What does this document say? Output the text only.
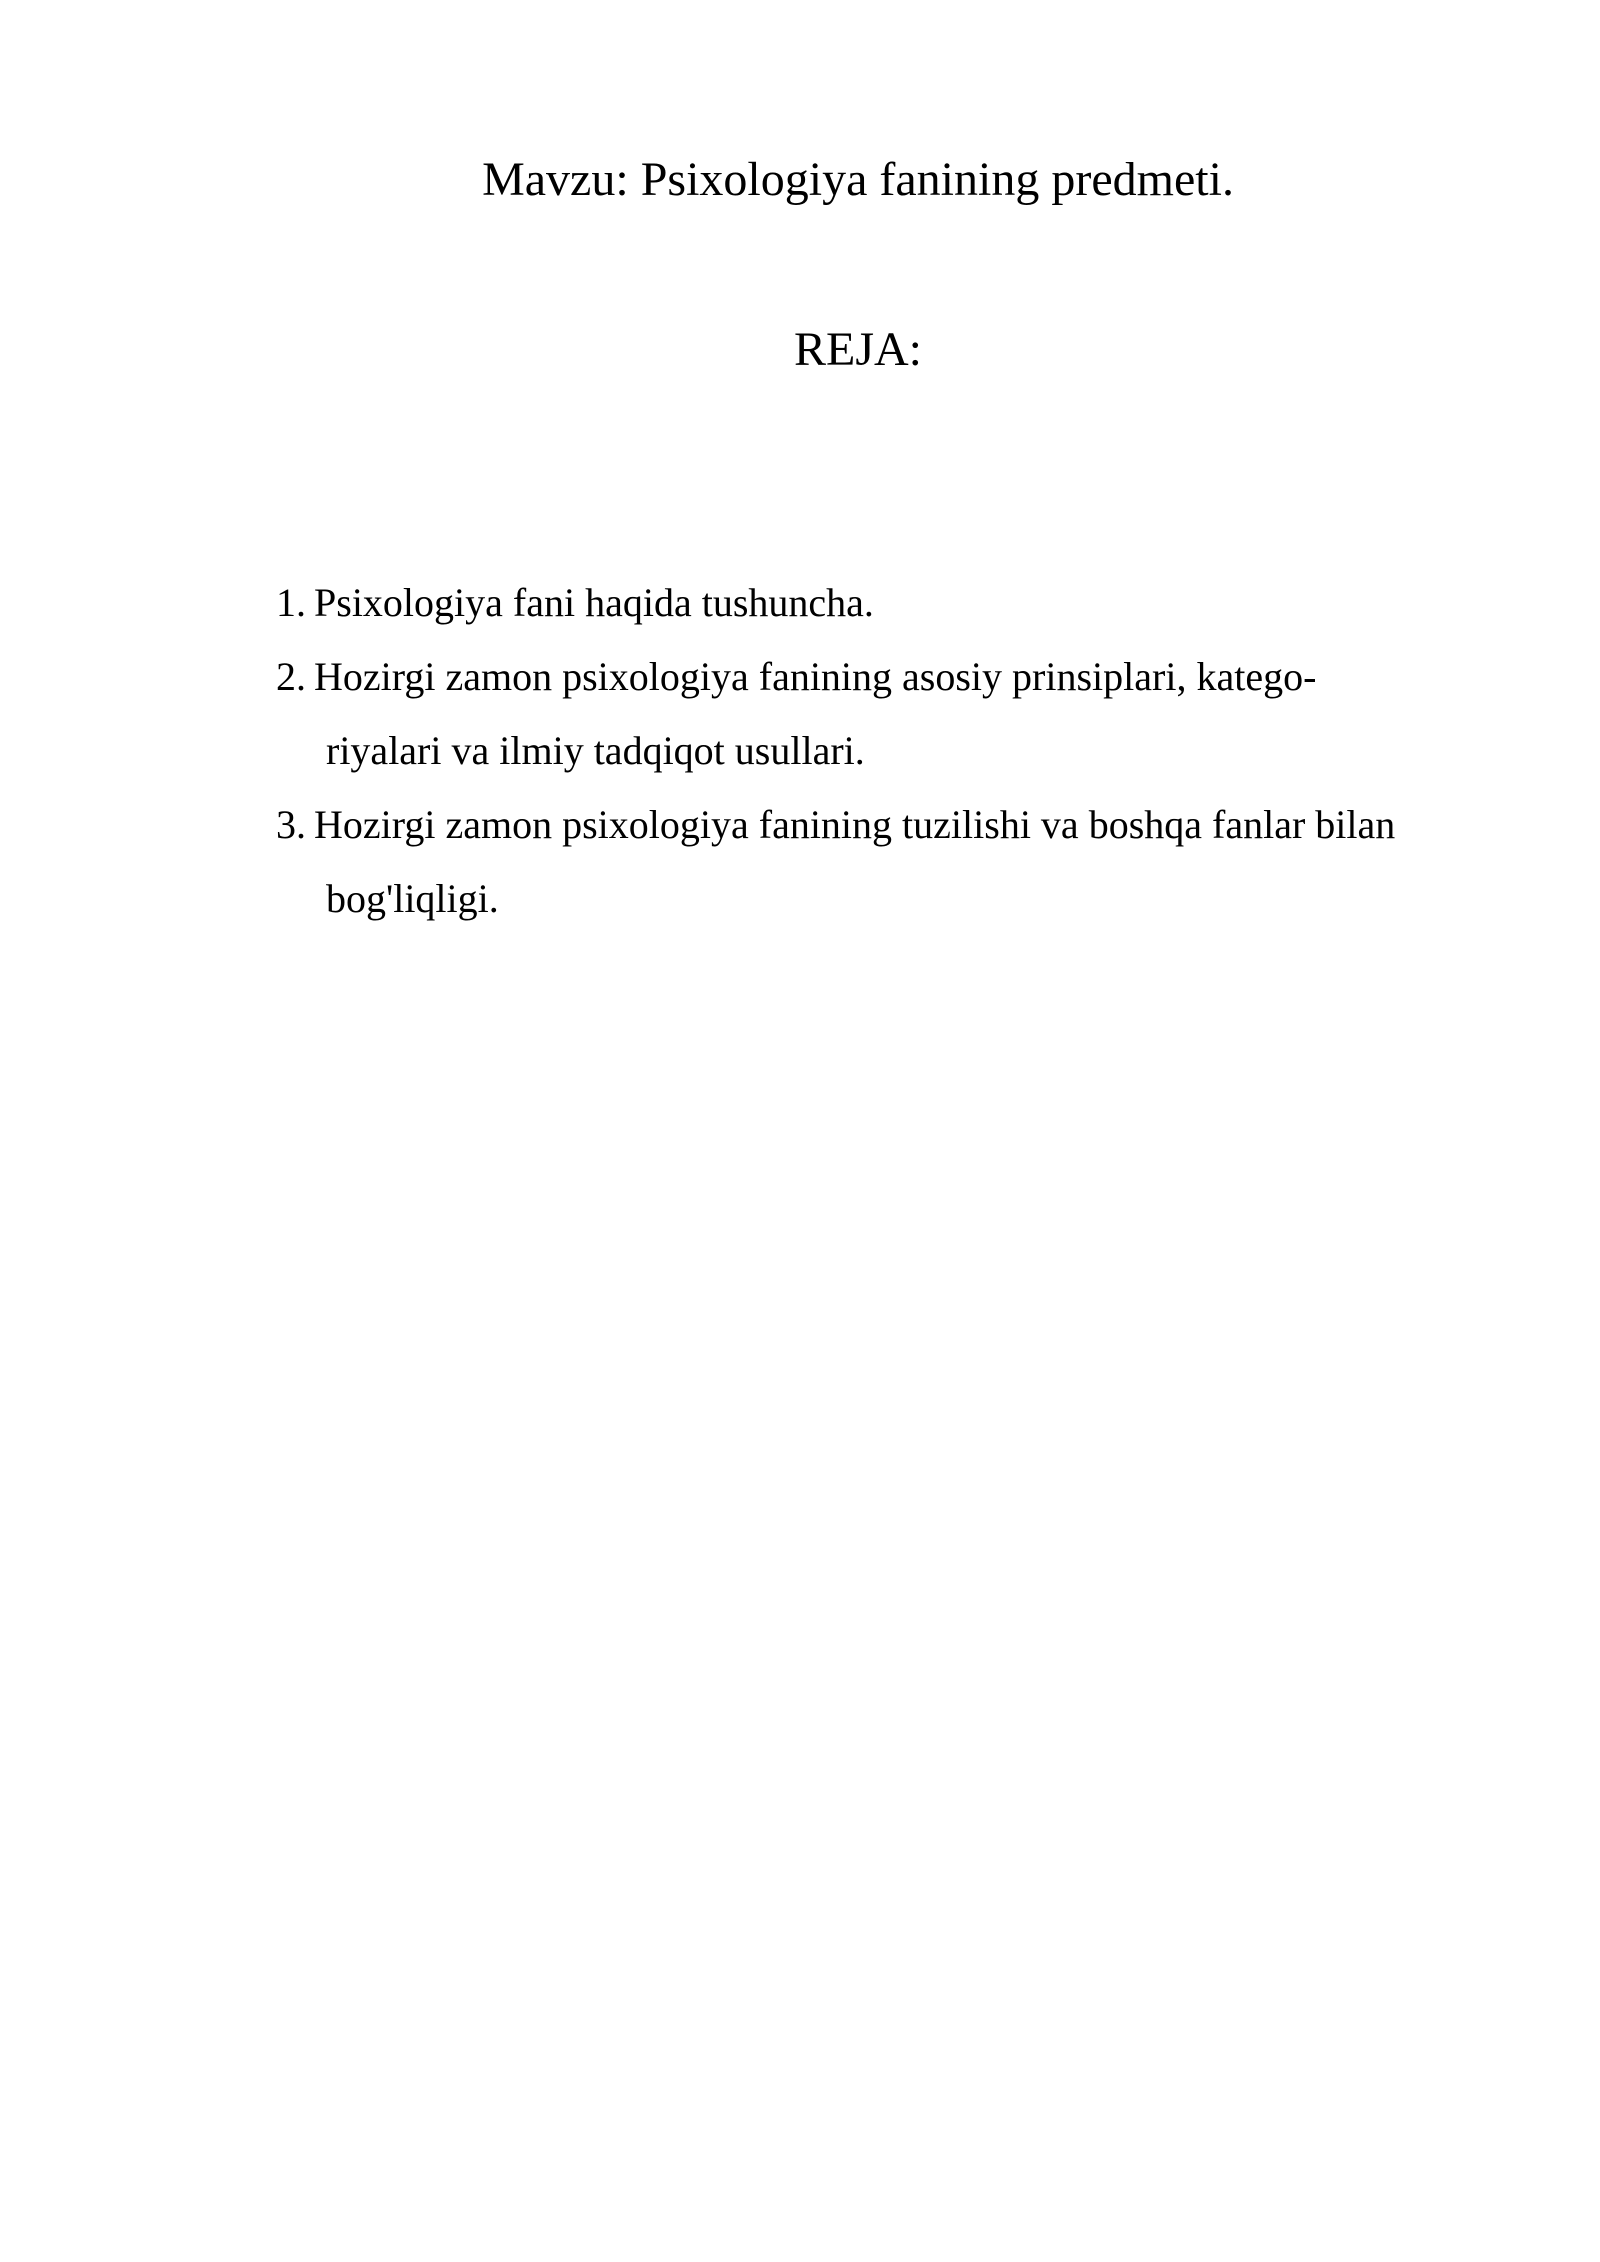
Mavzu: Psixologiya fanining predmeti.
REJA:
1. Psixologiya fani haqida tushuncha.
2. Hozirgi zamon psixologiya fanining asosiy prinsiplari, katego-
riyalari va ilmiy tadqiqot usullari.
3. Hozirgi zamon psixologiya fanining tuzilishi va boshqa fanlar bilan
bog'liqligi.
